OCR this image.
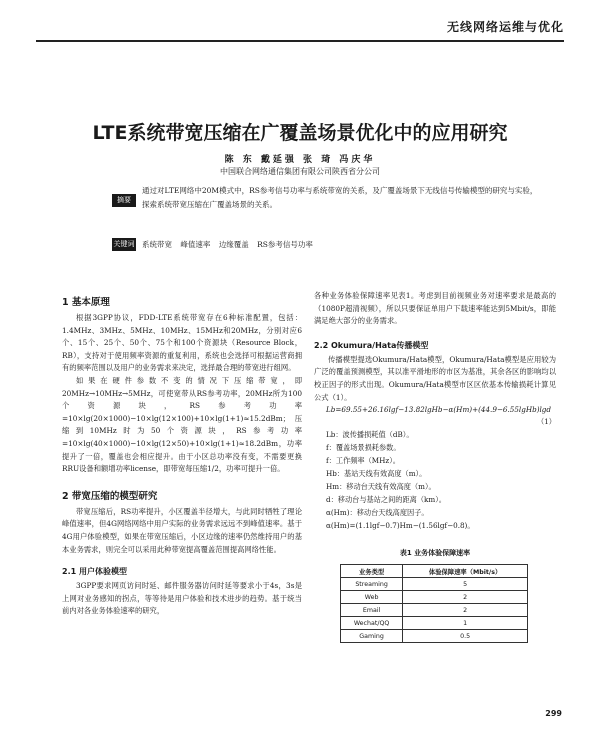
无线网络运维与优化
LTE系统带宽压缩在广覆盖场景优化中的应用研究
陈 东 戴延强 张 琦 冯庆华
中国联合网络通信集团有限公司陕西省分公司
摘要
通过对LTE网络中20M模式中，RS参考信号功率与系统带宽的关系，及广覆盖场景下无线信号传输模型的研究与实验，探索系统带宽压缩在广覆盖场景的关系。
关键词 系统带宽 峰值速率 边缘覆盖 RS参考信号功率
1 基本原理

根据3GPP协议，FDD-LTE系统带宽存在6种标准配置，包括：1.4MHz、3MHz、5MHz、10MHz、15MHz和20MHz，分别对应6个、15个、25个、50个、75个和100个资源块（Resource Block，RB），支持对于使用频率资源的重复利用，系统也会选择可根据运营商拥有的频率范围以及用户的业务需求来决定，选择最合理的带宽进行组网。

如果在硬件参数不变的情况下压缩带宽，即20MHz→10MHz→5MHz，可使宽带从RS参考功率，20MHz所为100个资源块，RS参考功率=10×lg(20×1000)−10×lg(12×100)+10×lg(1+1)≈15.2dBm；压缩到10MHz时为50个资源块，RS参考功率=10×lg(40×1000)−10×lg(12×50)+10×lg(1+1)≈18.2dBm，功率提升了一倍，覆盖也会相应提升。由于小区总功率没有变，不需要更换RRU设备和额增功率license，即带宽每压缩1/2，功率可提升一倍。

2 带宽压缩的模型研究

带宽压缩后，RS功率提升，小区覆盖半径增大，与此同时牺牲了理论峰值速率，但4G网络网络中用户实际的业务需求远远不到峰值速率。基于4G用户体验模型，如果在带宽压缩后，小区边缘的速率仍然维持用户的基本业务需求，则完全可以采用此种带宽提高覆盖范围提高网络性能。

2.1 用户体验模型

3GPP要求网页访问时延、邮件服务器访问时延等要求小于4s，3s是上网对业务感知的拐点，等等待是用户体验和技术进步的趋势。基于统当前内对各业务体验速率的研究，

各种业务体验保障速率见表1。考虑到目前视频业务对速率要求是最高的（1080P超清视频），所以只要保证单用户下载速率能达到5Mbit/s，即能满足绝大部分的业务需求。

2.2 Okumura/Hata传播模型

传播模型提选Okumura/Hata模型，Okumura/Hata模型是应用较为广泛的覆盖预测模型，其以准平滑地形的市区为基准，其余各区的影响均以校正因子的形式出现。Okumura/Hata模型市区区依基本传输损耗计算见公式（1）。

Lb=69.55+26.16lgf−13.82lgHb−α(Hm)+(44.9−6.55lgHb)lgd

（1）

Lb：波传播损耗值（dB）。

f：覆盖场景损耗参数。

f：工作频率（MHz）。

Hb：基站天线有效高度（m）。

Hm：移动台天线有效高度（m）。

d：移动台与基站之间的距离（km）。

α(Hm)：移动台天线高度因子。

α(Hm)=(1.1lgf−0.7)Hm−(1.56lgf−0.8)。

表1 业务体验保障速率
业务类型	体验保障速率（Mbit/s）
Streaming	5
Web	2
Email	2
Wechat/QQ	1
Gaming	0.5
299
